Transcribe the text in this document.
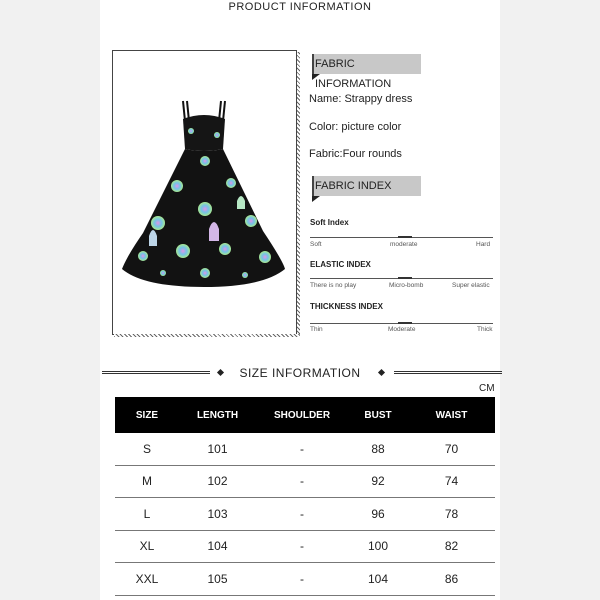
PRODUCT INFORMATION
FABRIC INFORMATION
Name: Strappy dress
Color: picture color
Fabric:Four rounds
FABRIC INDEX
Soft Index
Soft	moderate	Hard
ELASTIC INDEX
There is no play	Micro-bomb	Super elastic
THICKNESS INDEX
Thin	Moderate	Thick
SIZE INFORMATION
CM
SIZE	LENGTH	SHOULDER	BUST	WAIST
S	101	-	88	70
M	102	-	92	74
L	103	-	96	78
XL	104	-	100	82
XXL	105	-	104	86
